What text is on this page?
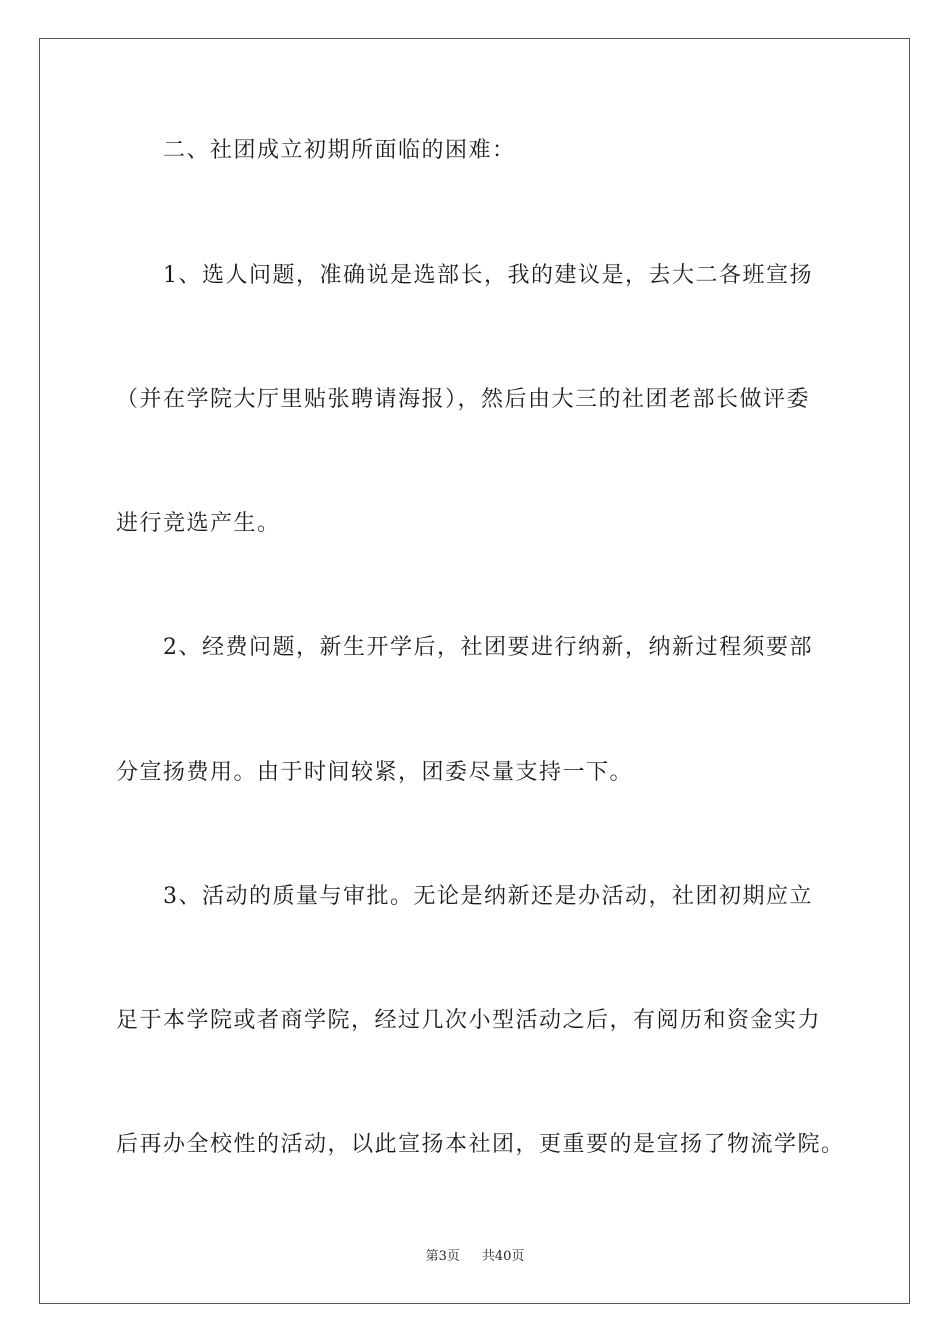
二、社团成立初期所面临的困难：
1、选人问题，准确说是选部长，我的建议是，去大二各班宣扬
（并在学院大厅里贴张聘请海报），然后由大三的社团老部长做评委
进行竞选产生。
2、经费问题，新生开学后，社团要进行纳新，纳新过程须要部
分宣扬费用。由于时间较紧，团委尽量支持一下。
3、活动的质量与审批。无论是纳新还是办活动，社团初期应立
足于本学院或者商学院，经过几次小型活动之后，有阅历和资金实力
后再办全校性的活动，以此宣扬本社团，更重要的是宣扬了物流学院。
第3页 共40页
